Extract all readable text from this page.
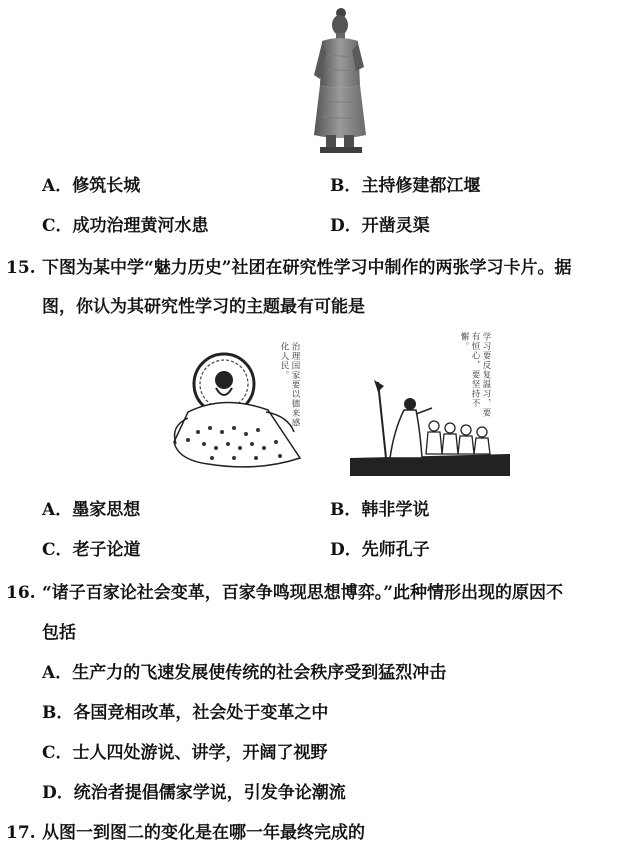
A．修筑长城	B．主持修建都江堰
C．成功治理黄河水患	D．开凿灵渠
15. 下图为某中学“魅力历史”社团在研究性学习中制作的两张学习卡片。据
图，你认为其研究性学习的主题最有可能是
治理国家要以德来感化人民。	学习要反复温习，要有恒心，要坚持不懈。
A．墨家思想	B．韩非学说
C．老子论道	D．先师孔子
16. “诸子百家论社会变革，百家争鸣现思想博弈。”此种情形出现的原因不
包括
A．生产力的飞速发展使传统的社会秩序受到猛烈冲击
B．各国竞相改革，社会处于变革之中
C．士人四处游说、讲学，开阔了视野
D．统治者提倡儒家学说，引发争论潮流
17. 从图一到图二的变化是在哪一年最终完成的
